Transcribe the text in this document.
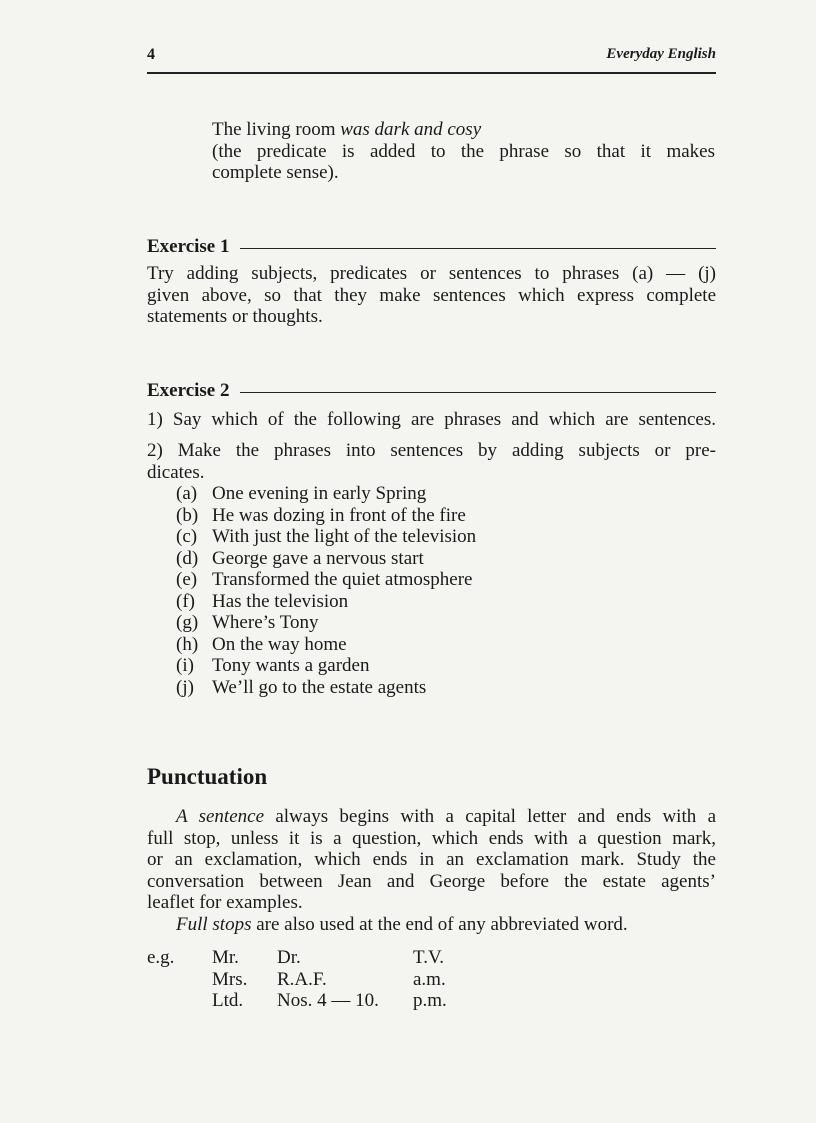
4	Everyday English
The living room was dark and cosy
(the predicate is added to the phrase so that it makes
complete sense).
Exercise 1
Try adding subjects, predicates or sentences to phrases (a) — (j)
given above, so that they make sentences which express complete
statements or thoughts.
Exercise 2
1) Say which of the following are phrases and which are sentences.
2) Make the phrases into sentences by adding subjects or pre-
dicates.
(a) One evening in early Spring
(b) He was dozing in front of the fire
(c) With just the light of the television
(d) George gave a nervous start
(e) Transformed the quiet atmosphere
(f) Has the television
(g) Where’s Tony
(h) On the way home
(i) Tony wants a garden
(j) We’ll go to the estate agents
Punctuation
A sentence always begins with a capital letter and ends with a
full stop, unless it is a question, which ends with a question mark,
or an exclamation, which ends in an exclamation mark. Study the
conversation between Jean and George before the estate agents’
leaflet for examples.
Full stops are also used at the end of any abbreviated word.
e.g. Mr.
Mrs.
Ltd.
Dr.
R.A.F.
Nos. 4 — 10.
T.V.
a.m.
p.m.
